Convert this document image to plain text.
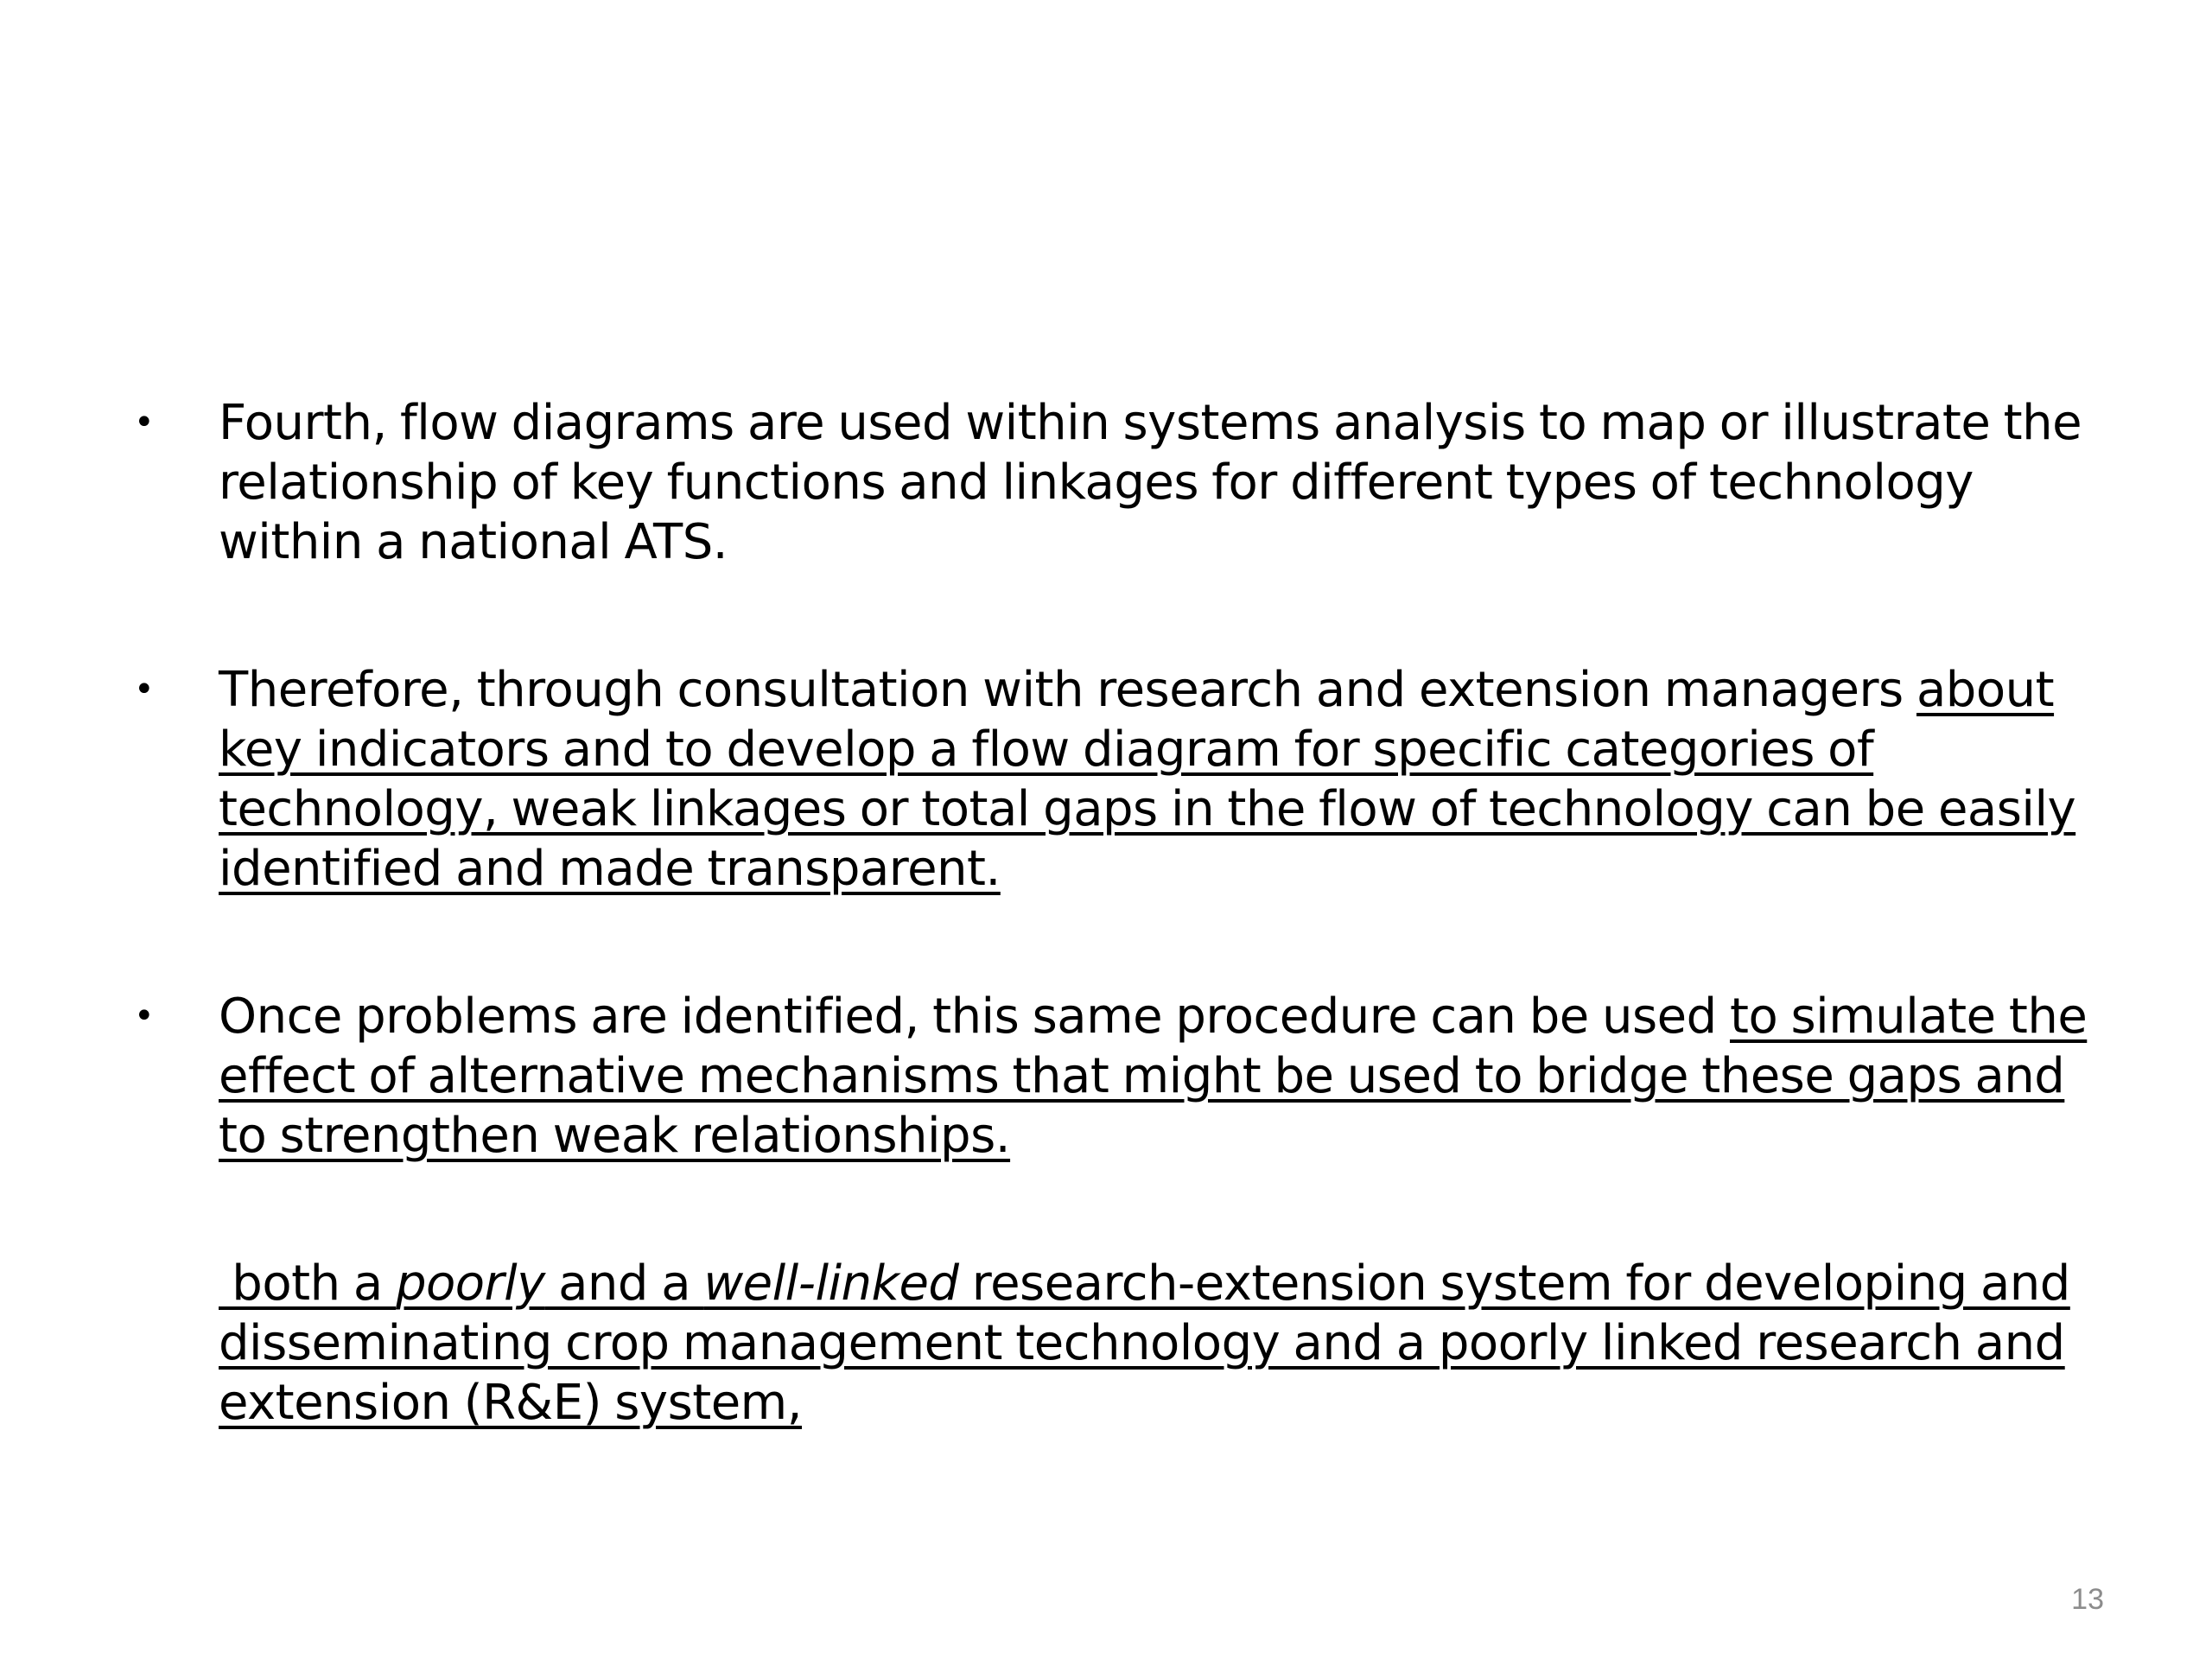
•	Fourth, flow diagrams are used within systems analysis to map or illustrate the relationship of key functions and linkages for different types of technology within a national ATS.
•	Therefore, through consultation with research and extension managers about key indicators and to develop a flow diagram for specific categories of technology, weak linkages or total gaps in the flow of technology can be easily identified and made transparent.
•	Once problems are identified, this same procedure can be used to simulate the effect of alternative mechanisms that might be used to bridge these gaps and to strengthen weak relationships.
both a poorly and a well-linked research-extension system for developing and disseminating crop management technology and a poorly linked research and extension (R&E) system,
13
